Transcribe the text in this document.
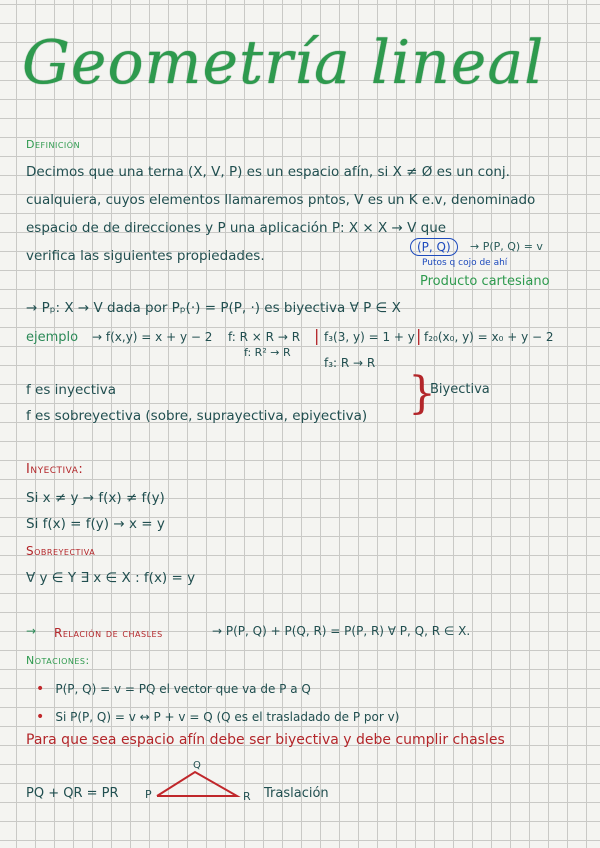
Geometría lineal
Definición
Decimos que una terna (X, V, P) es un espacio afín, si X ≠ Ø es un conj.
cualquiera, cuyos elementos llamaremos pntos, V es un K e.v, denominado
espacio de de direcciones y P una aplicación P: X × X → V que
verifica las siguientes propiedades.
(P, Q)	→ P(P, Q) = v
Putos q cojo de ahí
Producto cartesiano
→ Pₚ: X → V dada por Pₚ(·) = P(P, ·) es biyectiva ∀ P ∈ X
ejemplo → f(x,y) = x + y − 2 f: R × R → R
f: R² → R
| f₃(3, y) = 1 + y | f₂₀(x₀, y) = x₀ + y − 2
f₃: R → R
f es inyectiva
f es sobreyectiva (sobre, suprayectiva, epiyectiva) }
Biyectiva
Inyectiva:
Si x ≠ y → f(x) ≠ f(y)
Si f(x) = f(y) → x = y
Sobreyectiva
∀ y ∈ Y ∃ x ∈ X : f(x) = y
→ Relación de chasles	→ P(P, Q) + P(Q, R) = P(P, R) ∀ P, Q, R ∈ X.
Notaciones:
• P(P, Q) = v = PQ el vector que va de P a Q
• Si P(P, Q) = v ↔ P + v = Q (Q es el trasladado de P por v)
Para que sea espacio afín debe ser biyectiva y debe cumplir chasles
PQ + QR = PR P
Q
R Traslación
